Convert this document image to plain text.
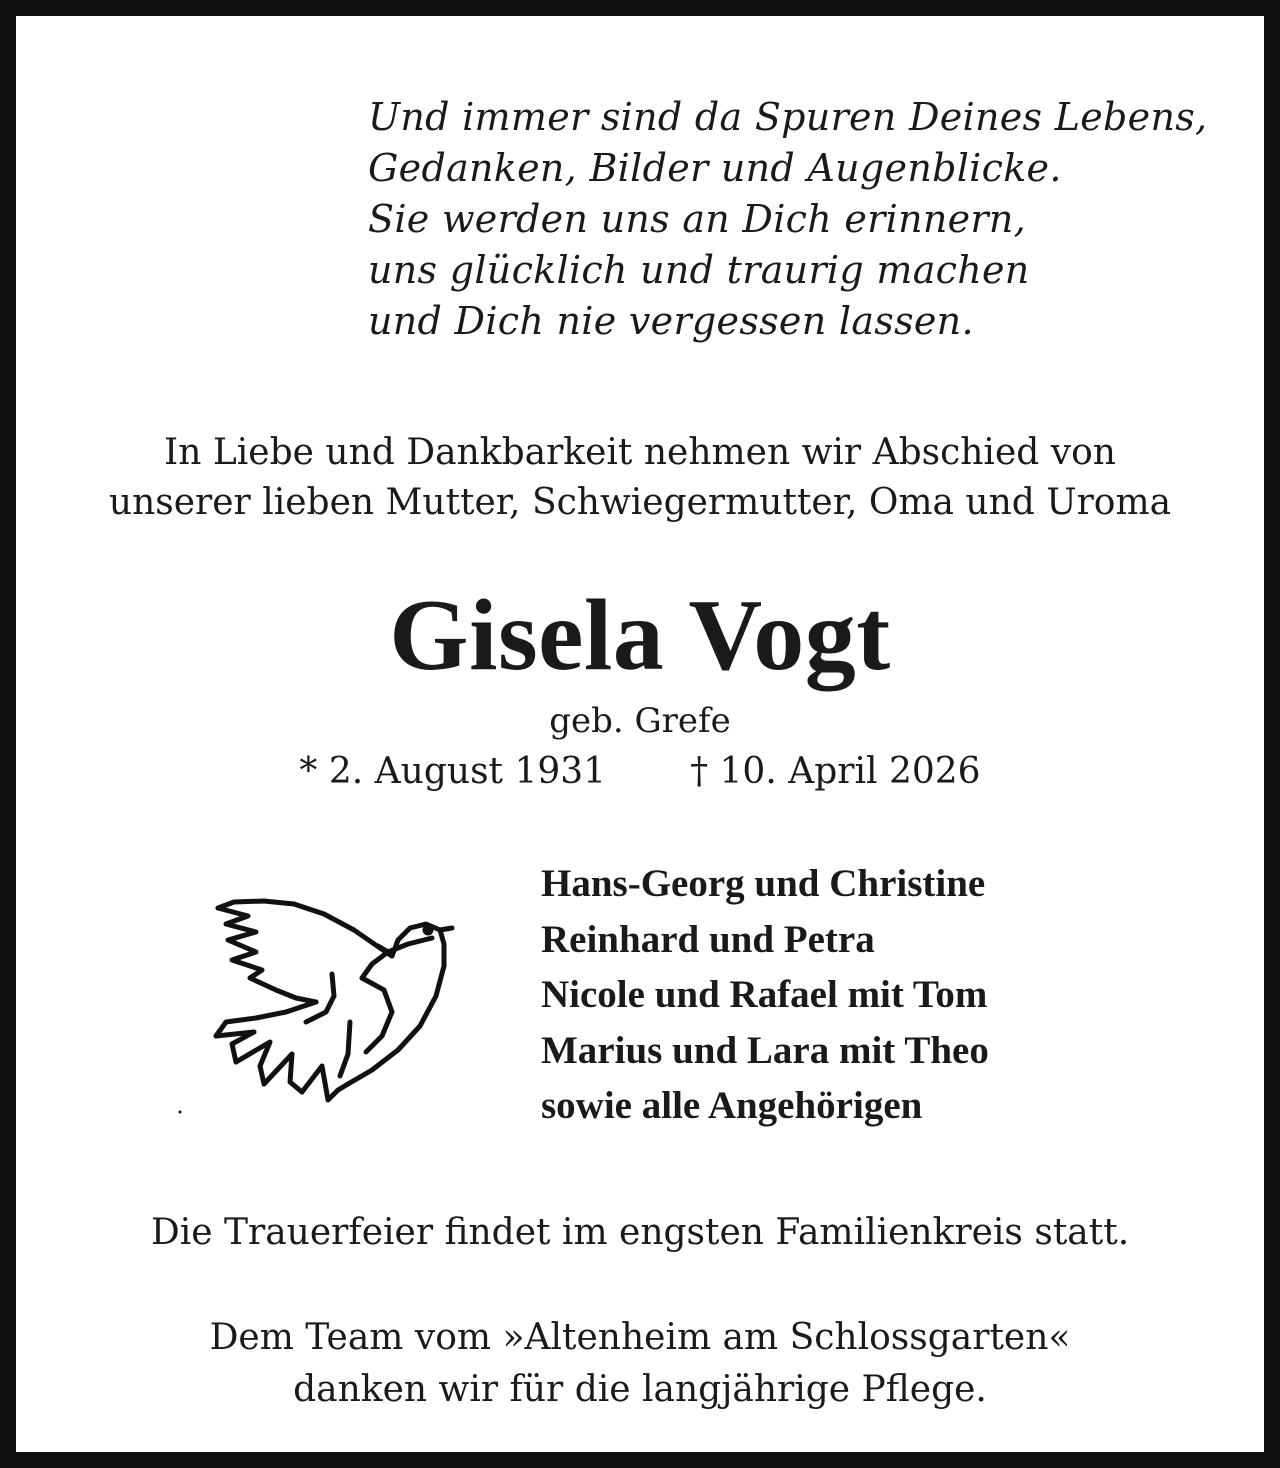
Und immer sind da Spuren Deines Lebens,
Gedanken, Bilder und Augenblicke.
Sie werden uns an Dich erinnern,
uns glücklich und traurig machen
und Dich nie vergessen lassen.
In Liebe und Dankbarkeit nehmen wir Abschied von
unserer lieben Mutter, Schwiegermutter, Oma und Uroma
Gisela Vogt
geb. Grefe
* 2. August 1931 † 10. April 2026
Hans-Georg und Christine
Reinhard und Petra
Nicole und Rafael mit Tom
Marius und Lara mit Theo
sowie alle Angehörigen
Die Trauerfeier findet im engsten Familienkreis statt.
Dem Team vom »Altenheim am Schlossgarten«
danken wir für die langjährige Pflege.
